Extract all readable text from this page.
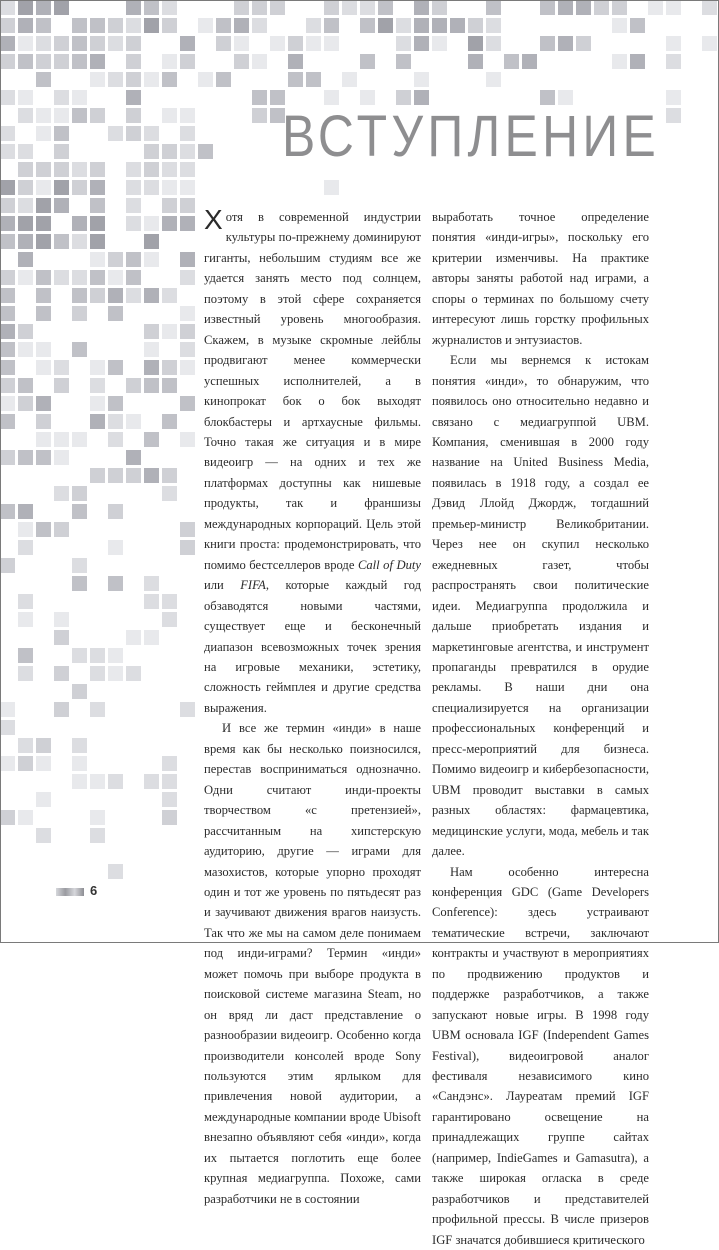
ВСТУПЛЕНИЕ

Хотя в современной индустрии культуры по-прежнему доминируют гиганты, небольшим студиям все же удается занять место под солнцем, поэтому в этой сфере сохраняется известный уровень многообразия. Скажем, в музыке скромные лейблы продвигают менее коммерчески успешных исполнителей, а в кинопрокат бок о бок выходят блокбастеры и артхаусные фильмы. Точно такая же ситуация и в мире видеоигр — на одних и тех же платформах доступны как нишевые продукты, так и франшизы международных корпораций. Цель этой книги проста: продемонстрировать, что помимо бестселлеров вроде Call of Duty или FIFA, которые каждый год обзаводятся новыми частями, существует еще и бесконечный диапазон всевозможных точек зрения на игровые механики, эстетику, сложность геймплея и другие средства выражения.

И все же термин «инди» в наше время как бы несколько поизносился, перестав восприниматься однозначно. Одни считают инди-проекты творчеством «с претензией», рассчитанным на хипстерскую аудиторию, другие — играми для мазохистов, которые упорно проходят один и тот же уровень по пятьдесят раз и заучивают движения врагов наизусть. Так что же мы на самом деле понимаем под инди-играми? Термин «инди» может помочь при выборе продукта в поисковой системе магазина Steam, но он вряд ли даст представление о разнообразии видеоигр. Особенно когда производители консолей вроде Sony пользуются этим ярлыком для привлечения новой аудитории, а международные компании вроде Ubisoft внезапно объявляют себя «инди», когда их пытается поглотить еще более крупная медиагруппа. Похоже, сами разработчики не в состоянии

выработать точное определение понятия «инди-игры», поскольку его критерии изменчивы. На практике авторы заняты работой над играми, а споры о терминах по большому счету интересуют лишь горстку профильных журналистов и энтузиастов.

Если мы вернемся к истокам понятия «инди», то обнаружим, что появилось оно относительно недавно и связано с медиагруппой UBM. Компания, сменившая в 2000 году название на United Business Media, появилась в 1918 году, а создал ее Дэвид Ллойд Джордж, тогдашний премьер-министр Великобритании. Через нее он скупил несколько ежедневных газет, чтобы распространять свои политические идеи. Медиагруппа продолжила и дальше приобретать издания и маркетинговые агентства, и инструмент пропаганды превратился в орудие рекламы. В наши дни она специализируется на организации профессиональных конференций и пресс-мероприятий для бизнеса. Помимо видеоигр и кибербезопасности, UBM проводит выставки в самых разных областях: фармацевтика, медицинские услуги, мода, мебель и так далее.

Нам особенно интересна конференция GDC (Game Developers Conference): здесь устраивают тематические встречи, заключают контракты и участвуют в мероприятиях по продвижению продуктов и поддержке разработчиков, а также запускают новые игры. В 1998 году UBM основала IGF (Independent Games Festival), видеоигровой аналог фестиваля независимого кино «Сандэнс». Лауреатам премий IGF гарантировано освещение на принадлежащих группе сайтах (например, IndieGames и Gamasutra), а также широкая огласка в среде разработчиков и представителей профильной прессы. В числе призеров IGF значатся добившиеся критического

6
